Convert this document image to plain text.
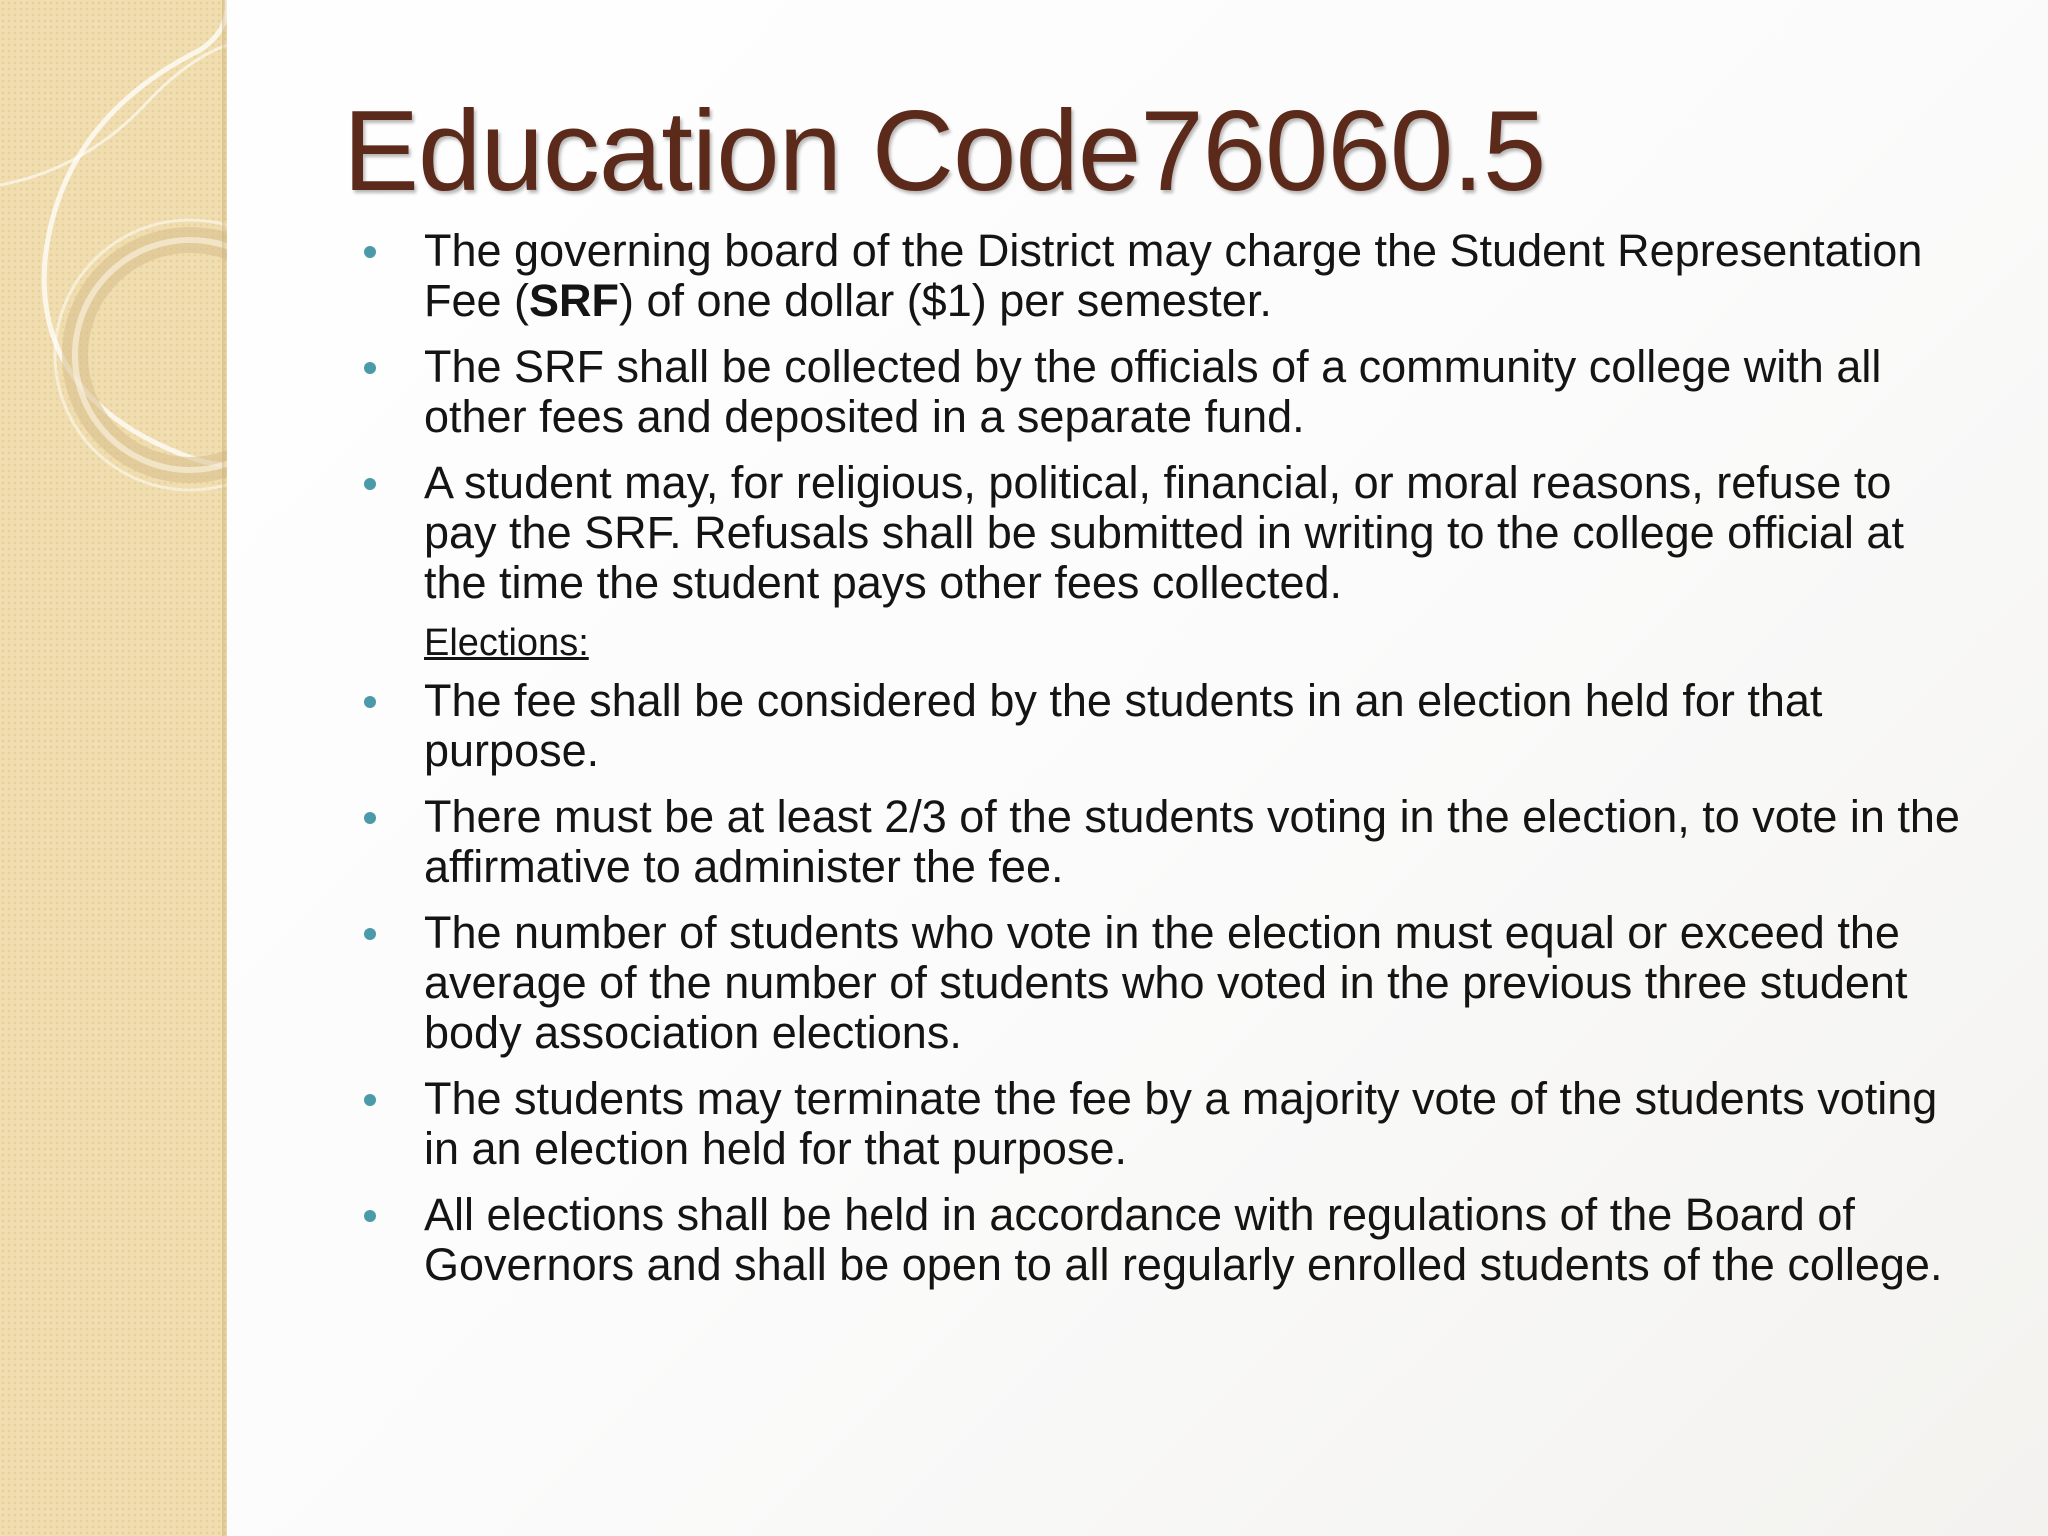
Education Code76060.5
The governing board of the District may charge the Student Representation Fee (SRF) of one dollar ($1) per semester.
The SRF shall be collected by the officials of a community college with all other fees and deposited in a separate fund.
A student may, for religious, political, financial, or moral reasons, refuse to pay the SRF. Refusals shall be submitted in writing to the college official at the time the student pays other fees collected.
Elections:
The fee shall be considered by the students in an election held for that purpose.
There must be at least 2/3 of the students voting in the election, to vote in the affirmative to administer the fee.
The number of students who vote in the election must equal or exceed the average of the number of students who voted in the previous three student body association elections.
The students may terminate the fee by a majority vote of the students voting in an election held for that purpose.
All elections shall be held in accordance with regulations of the Board of Governors and shall be open to all regularly enrolled students of the college.
